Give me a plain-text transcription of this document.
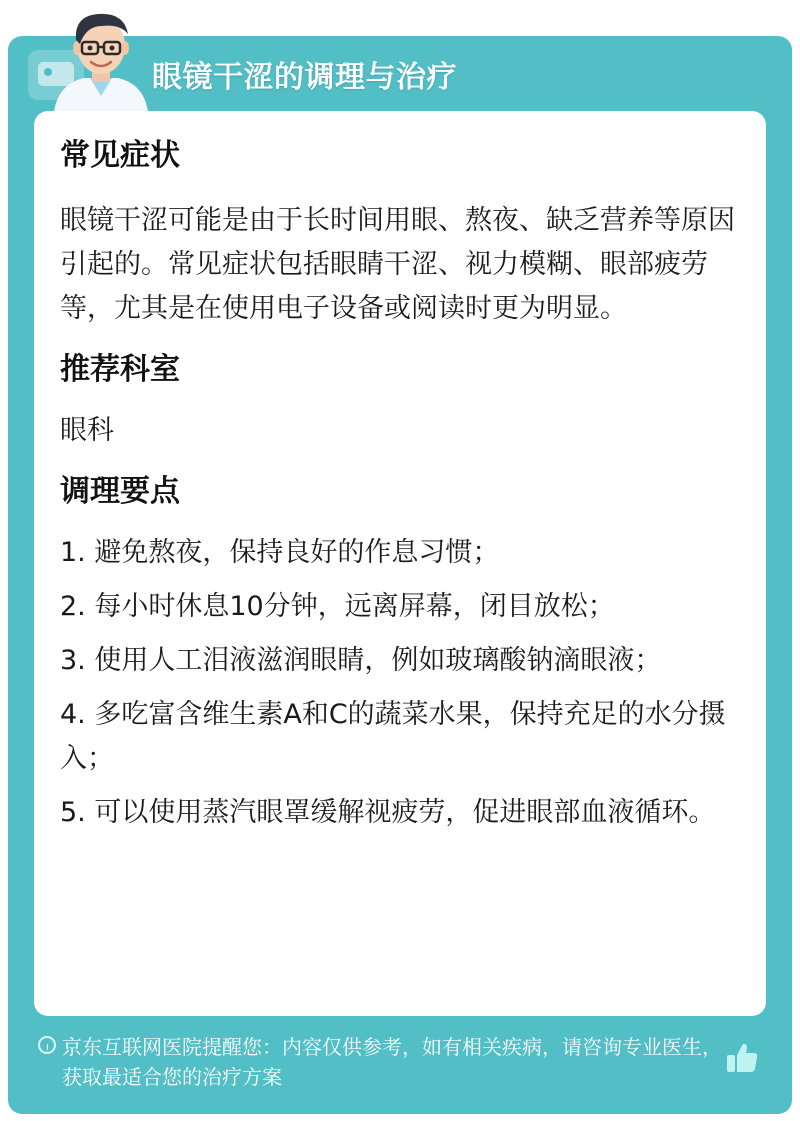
眼镜干涩的调理与治疗
常见症状
眼镜干涩可能是由于长时间用眼、熬夜、缺乏营养等原因引起的。常见症状包括眼睛干涩、视力模糊、眼部疲劳等，尤其是在使用电子设备或阅读时更为明显。
推荐科室
眼科
调理要点
1. 避免熬夜，保持良好的作息习惯；
2. 每小时休息10分钟，远离屏幕，闭目放松；
3. 使用人工泪液滋润眼睛，例如玻璃酸钠滴眼液；
4. 多吃富含维生素A和C的蔬菜水果，保持充足的水分摄入；
5. 可以使用蒸汽眼罩缓解视疲劳，促进眼部血液循环。
!
京东互联网医院提醒您：内容仅供参考，如有相关疾病，请咨询专业医生，获取最适合您的治疗方案
